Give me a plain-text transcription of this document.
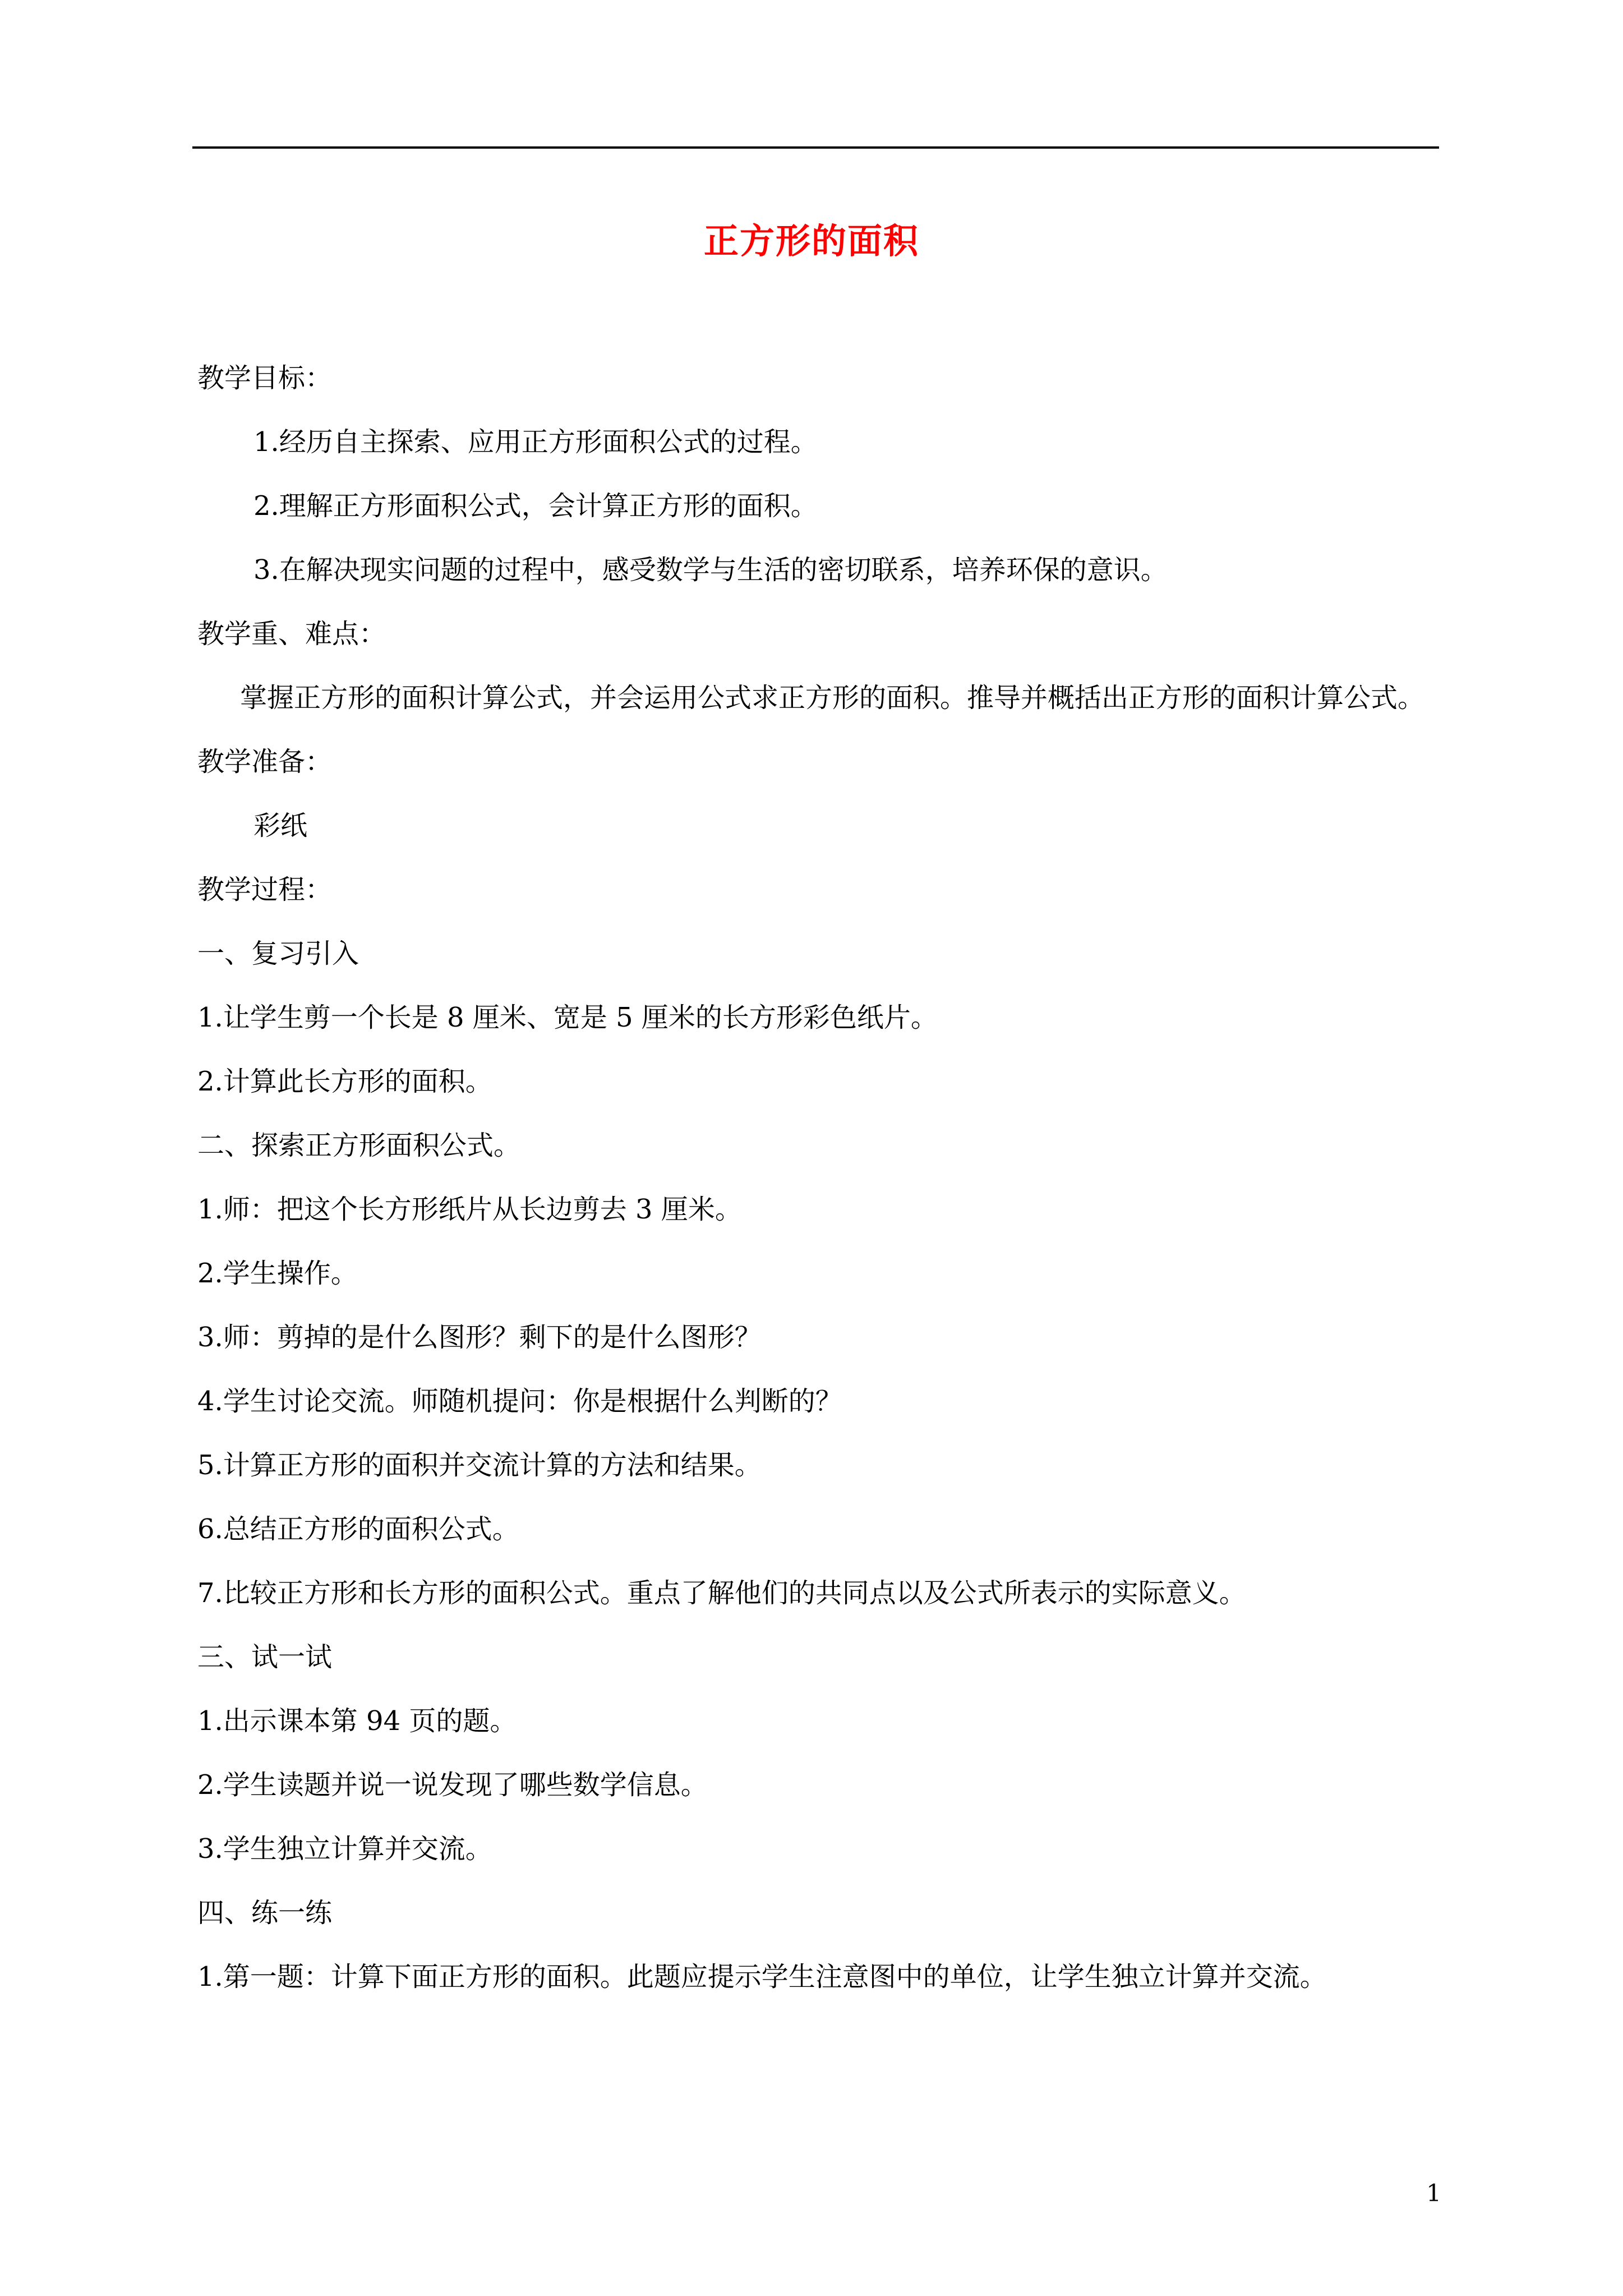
正方形的面积
教学目标：
1.经历自主探索、应用正方形面积公式的过程。
2.理解正方形面积公式，会计算正方形的面积。
3.在解决现实问题的过程中，感受数学与生活的密切联系，培养环保的意识。
教学重、难点：
掌握正方形的面积计算公式，并会运用公式求正方形的面积。推导并概括出正方形的面积计算公式。
教学准备：
彩纸
教学过程：
一、复习引入
1.让学生剪一个长是 8 厘米、宽是 5 厘米的长方形彩色纸片。
2.计算此长方形的面积。
二、探索正方形面积公式。
1.师：把这个长方形纸片从长边剪去 3 厘米。
2.学生操作。
3.师：剪掉的是什么图形？剩下的是什么图形？
4.学生讨论交流。师随机提问：你是根据什么判断的？
5.计算正方形的面积并交流计算的方法和结果。
6.总结正方形的面积公式。
7.比较正方形和长方形的面积公式。重点了解他们的共同点以及公式所表示的实际意义。
三、试一试
1.出示课本第 94 页的题。
2.学生读题并说一说发现了哪些数学信息。
3.学生独立计算并交流。
四、练一练
1.第一题：计算下面正方形的面积。此题应提示学生注意图中的单位，让学生独立计算并交流。
1
